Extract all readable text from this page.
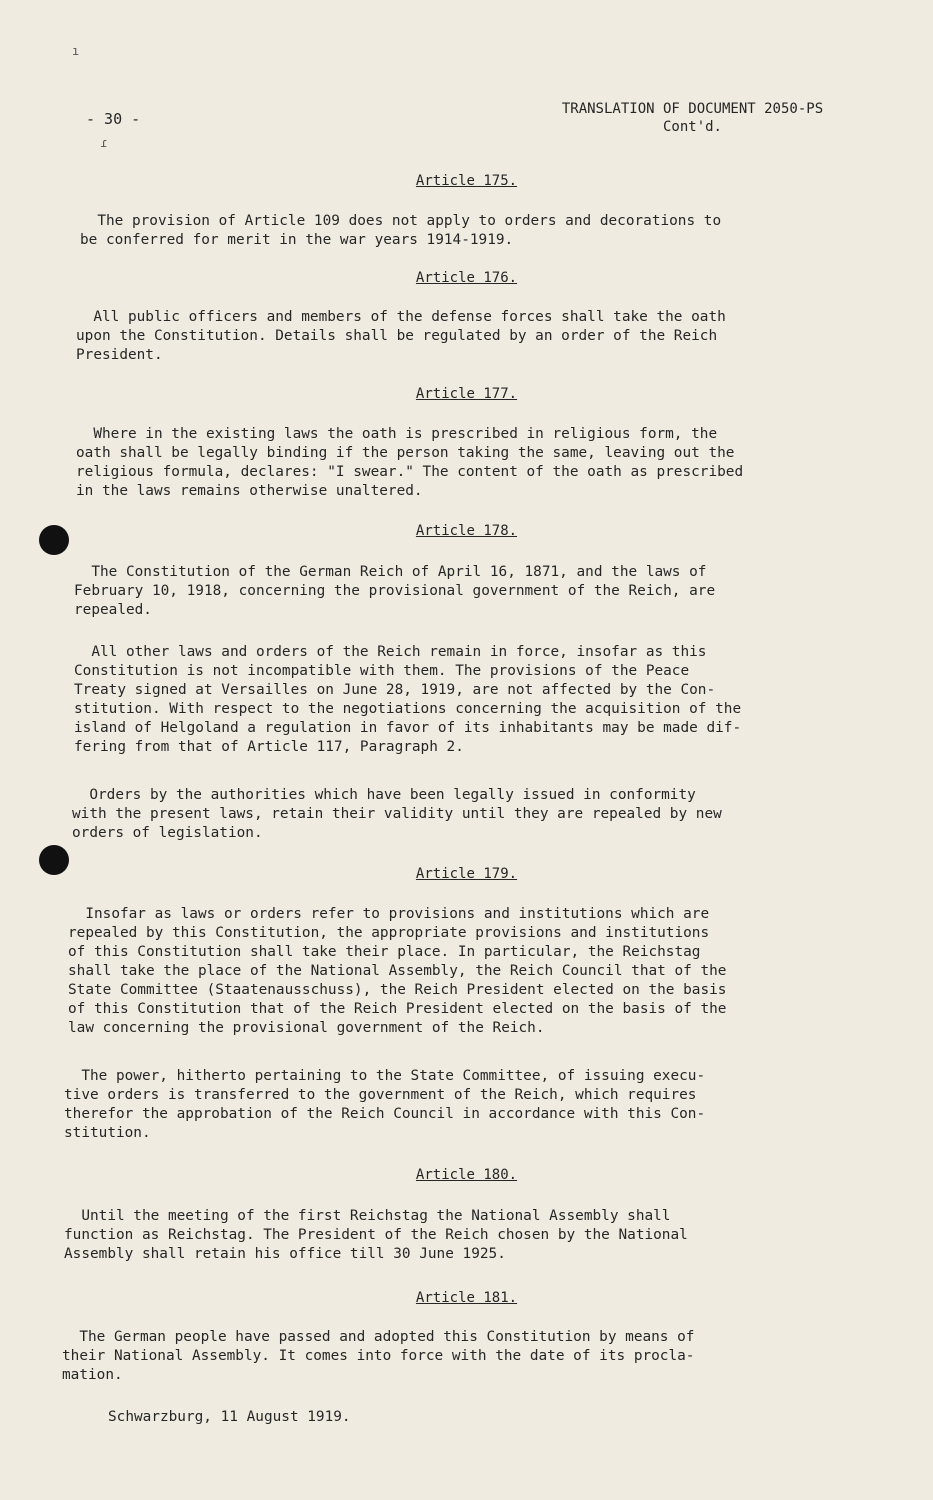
ı
ɾ
- 30 -
TRANSLATION OF DOCUMENT 2050-PS
Cont'd.
Article 175.
The provision of Article 109 does not apply to orders and decorations to
be conferred for merit in the war years 1914-1919.
Article 176.
All public officers and members of the defense forces shall take the oath
upon the Constitution. Details shall be regulated by an order of the Reich
President.
Article 177.
Where in the existing laws the oath is prescribed in religious form, the
oath shall be legally binding if the person taking the same, leaving out the
religious formula, declares: "I swear." The content of the oath as prescribed
in the laws remains otherwise unaltered.
Article 178.
The Constitution of the German Reich of April 16, 1871, and the laws of
February 10, 1918, concerning the provisional government of the Reich, are
repealed.
All other laws and orders of the Reich remain in force, insofar as this
Constitution is not incompatible with them. The provisions of the Peace
Treaty signed at Versailles on June 28, 1919, are not affected by the Con-
stitution. With respect to the negotiations concerning the acquisition of the
island of Helgoland a regulation in favor of its inhabitants may be made dif-
fering from that of Article 117, Paragraph 2.
Orders by the authorities which have been legally issued in conformity
with the present laws, retain their validity until they are repealed by new
orders of legislation.
Article 179.
Insofar as laws or orders refer to provisions and institutions which are
repealed by this Constitution, the appropriate provisions and institutions
of this Constitution shall take their place. In particular, the Reichstag
shall take the place of the National Assembly, the Reich Council that of the
State Committee (Staatenausschuss), the Reich President elected on the basis
of this Constitution that of the Reich President elected on the basis of the
law concerning the provisional government of the Reich.
The power, hitherto pertaining to the State Committee, of issuing execu-
tive orders is transferred to the government of the Reich, which requires
therefor the approbation of the Reich Council in accordance with this Con-
stitution.
Article 180.
Until the meeting of the first Reichstag the National Assembly shall
function as Reichstag. The President of the Reich chosen by the National
Assembly shall retain his office till 30 June 1925.
Article 181.
The German people have passed and adopted this Constitution by means of
their National Assembly. It comes into force with the date of its procla-
mation.
Schwarzburg, 11 August 1919.
